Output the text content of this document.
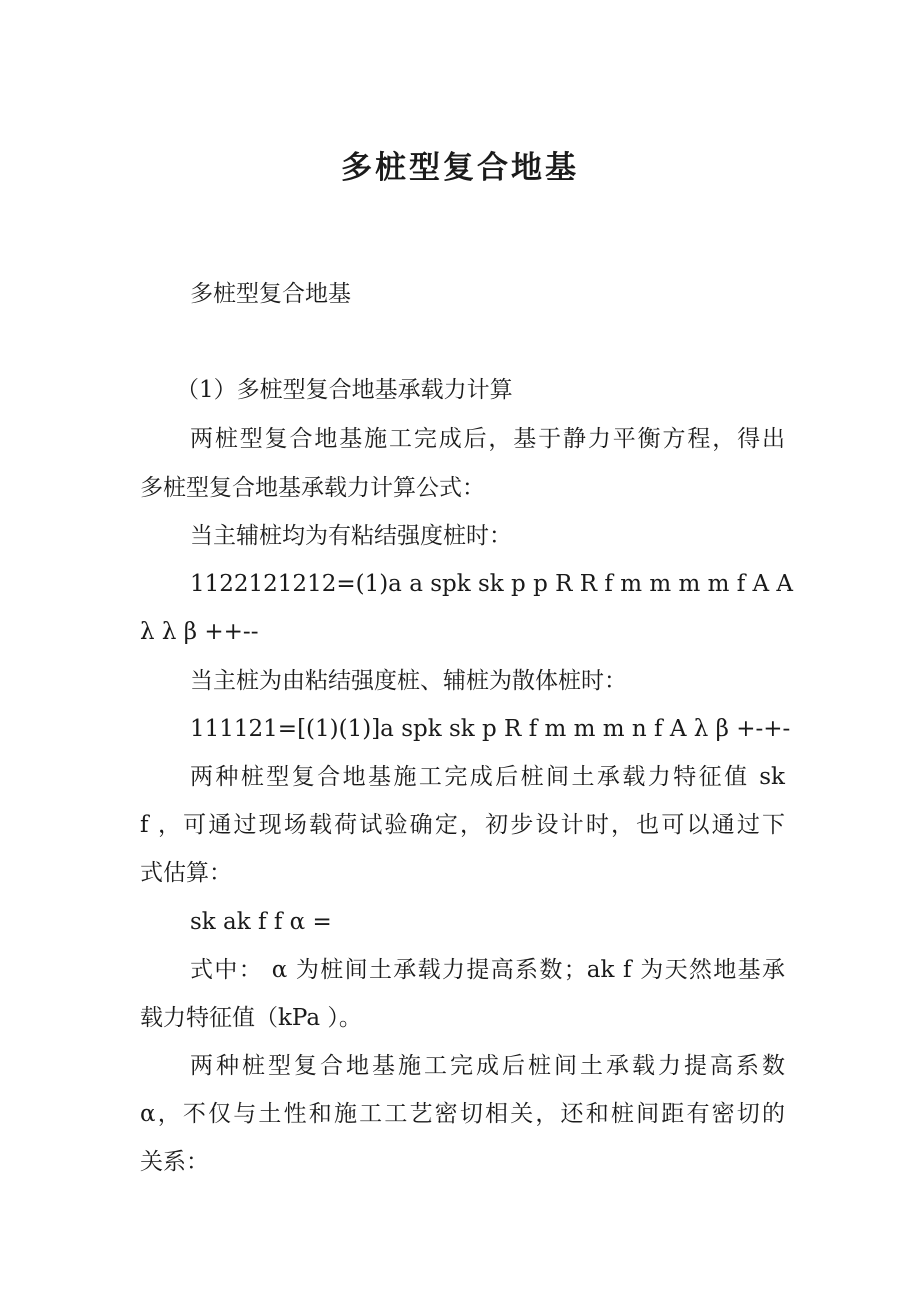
多桩型复合地基

多桩型复合地基

（1）多桩型复合地基承载力计算

两桩型复合地基施工完成后，基于静力平衡方程，得出

多桩型复合地基承载力计算公式：

当主辅桩均为有粘结强度桩时：

1122121212=(1)a a spk sk p p R R f m m m m f A A

λ λ β ++--

当主桩为由粘结强度桩、辅桩为散体桩时：

111121=[(1)(1)]a spk sk p R f m m m n f A λ β +-+-

两种桩型复合地基施工完成后桩间土承载力特征值 sk

f ，可通过现场载荷试验确定，初步设计时，也可以通过下

式估算：

sk ak f f α =

式中： α 为桩间土承载力提高系数；ak f 为天然地基承

载力特征值（kPa ）。

两种桩型复合地基施工完成后桩间土承载力提高系数

α，不仅与土性和施工工艺密切相关，还和桩间距有密切的

关系：
